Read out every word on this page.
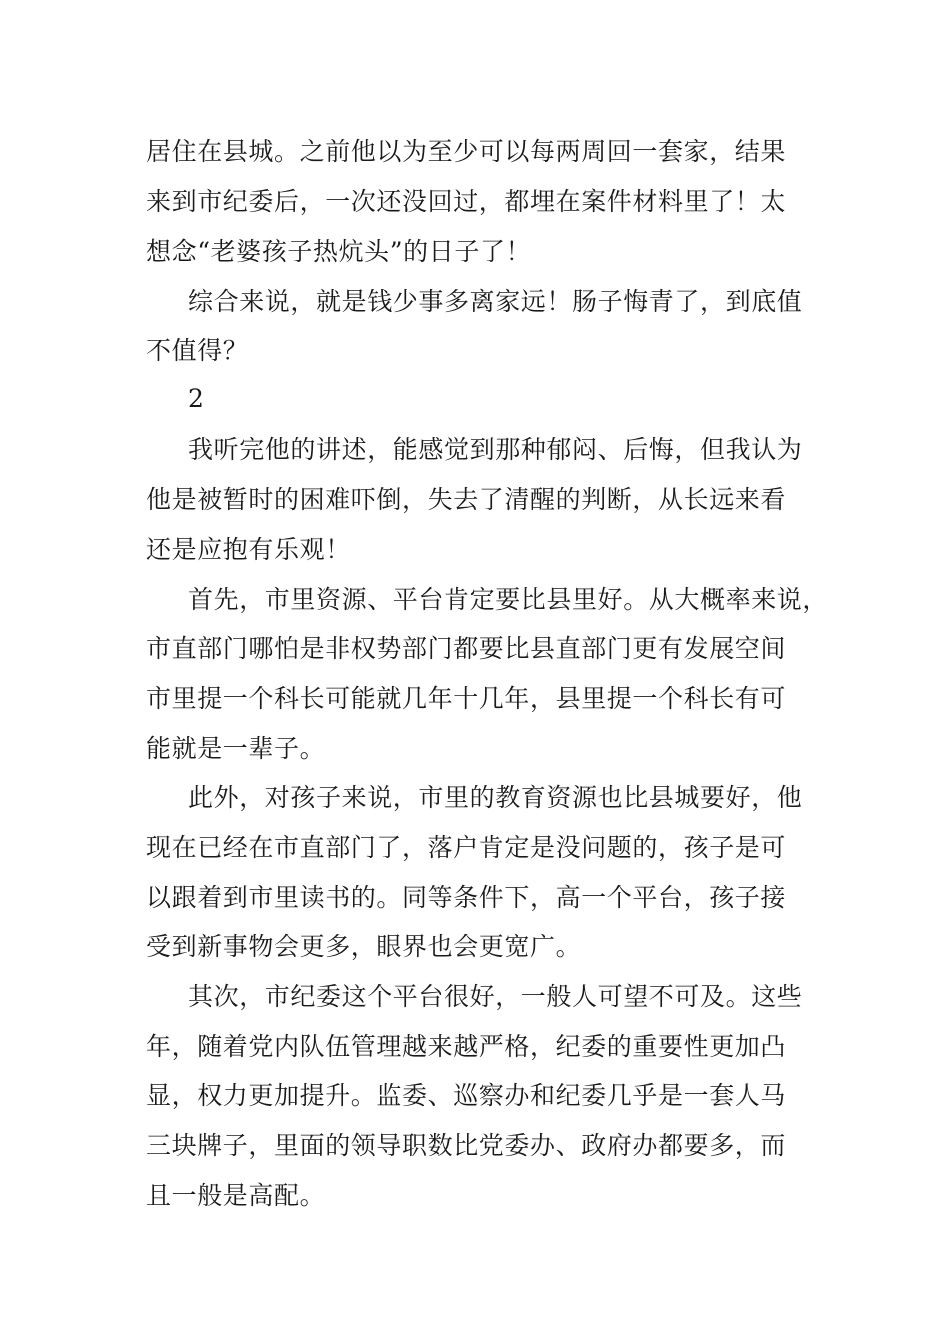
居住在县城。之前他以为至少可以每两周回一套家，结果
来到市纪委后，一次还没回过，都埋在案件材料里了！太
想念“老婆孩子热炕头”的日子了！
综合来说，就是钱少事多离家远！肠子悔青了，到底值
不值得？
2
我听完他的讲述，能感觉到那种郁闷、后悔，但我认为
他是被暂时的困难吓倒，失去了清醒的判断，从长远来看
还是应抱有乐观！
首先，市里资源、平台肯定要比县里好。从大概率来说，
市直部门哪怕是非权势部门都要比县直部门更有发展空间
市里提一个科长可能就几年十几年，县里提一个科长有可
能就是一辈子。
此外，对孩子来说，市里的教育资源也比县城要好，他
现在已经在市直部门了，落户肯定是没问题的，孩子是可
以跟着到市里读书的。同等条件下，高一个平台，孩子接
受到新事物会更多，眼界也会更宽广。
其次，市纪委这个平台很好，一般人可望不可及。这些
年，随着党内队伍管理越来越严格，纪委的重要性更加凸
显，权力更加提升。监委、巡察办和纪委几乎是一套人马
三块牌子，里面的领导职数比党委办、政府办都要多，而
且一般是高配。
